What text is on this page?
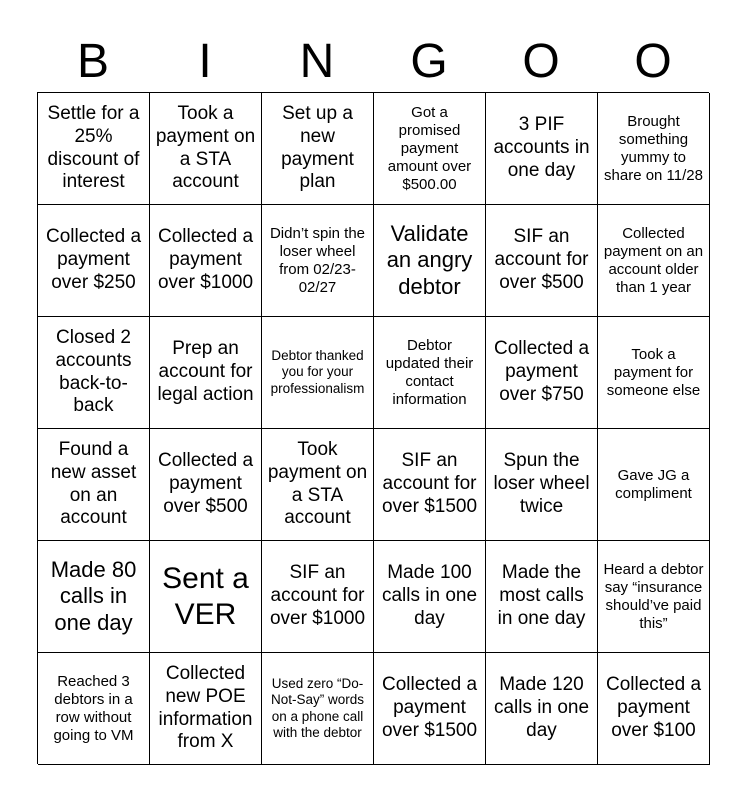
B	I	N	G	O	O
Settle for a 25% discount of interest
Took a payment on a STA account
Set up a new payment plan
Got a promised payment amount over $500.00
3 PIF accounts in one day
Brought something yummy to share on 11/28
Collected a payment over $250
Collected a payment over $1000
Didn’t spin the loser wheel from 02/23-02/27
Validate an angry debtor
SIF an account for over $500
Collected payment on an account older than 1 year
Closed 2 accounts back-to-back
Prep an account for legal action
Debtor thanked you for your professionalism
Debtor updated their contact information
Collected a payment over $750
Took a payment for someone else
Found a new asset on an account
Collected a payment over $500
Took payment on a STA account
SIF an account for over $1500
Spun the loser wheel twice
Gave JG a compliment
Made 80 calls in one day
Sent a VER
SIF an account for over $1000
Made 100 calls in one day
Made the most calls in one day
Heard a debtor say “insurance should’ve paid this”
Reached 3 debtors in a row without going to VM
Collected new POE information from X
Used zero “Do-Not-Say” words on a phone call with the debtor
Collected a payment over $1500
Made 120 calls in one day
Collected a payment over $100
